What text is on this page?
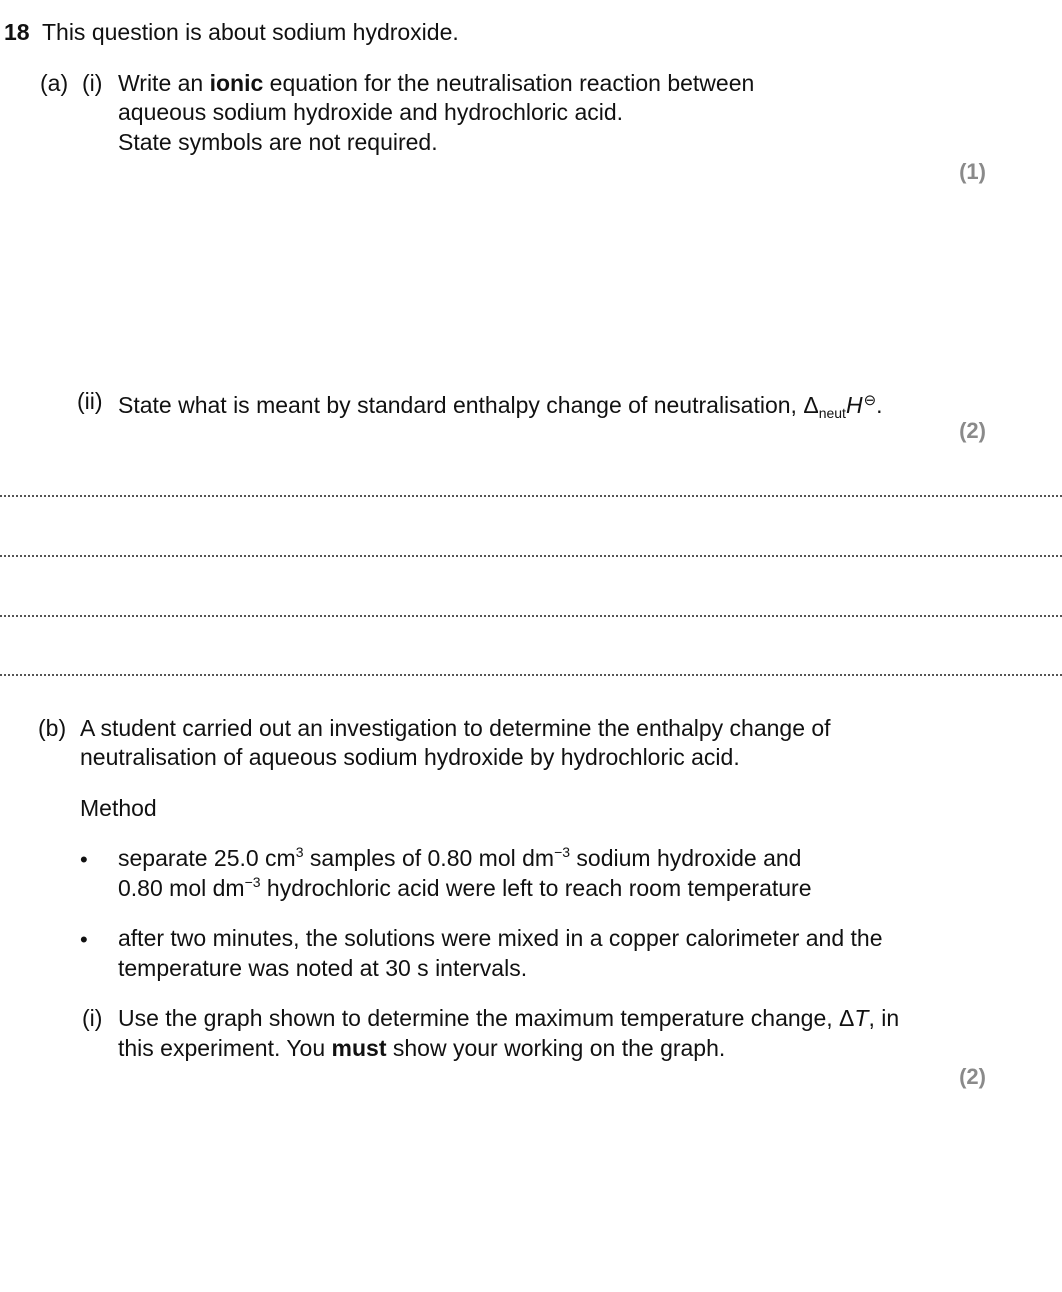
18 This question is about sodium hydroxide.
(a) (i) Write an ionic equation for the neutralisation reaction between
aqueous sodium hydroxide and hydrochloric acid.
State symbols are not required.
(1)
(ii) State what is meant by standard enthalpy change of neutralisation, $\Delta_{neut}H⊖$.
(2)
(b) A student carried out an investigation to determine the enthalpy change of
neutralisation of aqueous sodium hydroxide by hydrochloric acid.
Method
• separate 25.0 $cm^3$ samples of 0.80 mol $dm^{-3}$ sodium hydroxide and
0.80 mol $dm^{-3}$ hydrochloric acid were left to reach room temperature
• after two minutes, the solutions were mixed in a copper calorimeter and the
temperature was noted at 30 s intervals.
(i) Use the graph shown to determine the maximum temperature change, ΔT, in
this experiment. You must show your working on the graph.
(2)
